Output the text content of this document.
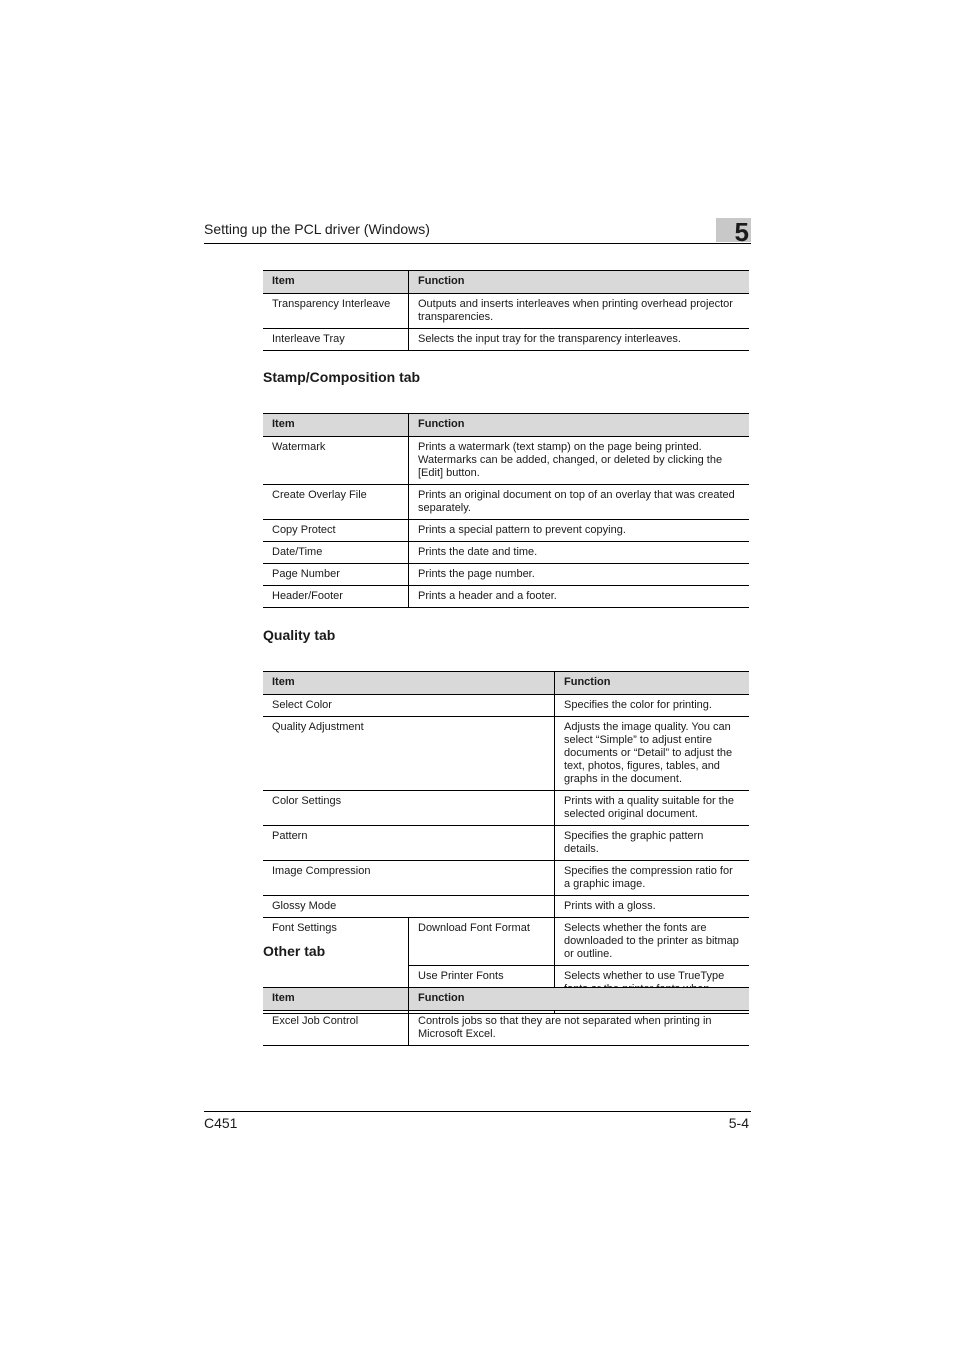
Setting up the PCL driver (Windows)	5
Item	Function
Transparency Interleave	Outputs and inserts interleaves when printing overhead projector transparencies.
Interleave Tray	Selects the input tray for the transparency interleaves.
Stamp/Composition tab
Item	Function
Watermark	Prints a watermark (text stamp) on the page being printed. Watermarks can be added, changed, or deleted by clicking the [Edit] button.
Create Overlay File	Prints an original document on top of an overlay that was created separately.
Copy Protect	Prints a special pattern to prevent copying.
Date/Time	Prints the date and time.
Page Number	Prints the page number.
Header/Footer	Prints a header and a footer.
Quality tab
Item		Function
Select Color		Specifies the color for printing.
Quality Adjustment		Adjusts the image quality. You can select “Simple” to adjust entire documents or “Detail” to adjust the text, photos, figures, tables, and graphs in the document.
Color Settings		Prints with a quality suitable for the selected original document.
Pattern		Specifies the graphic pattern details.
Image Compression		Specifies the compression ratio for a graphic image.
Glossy Mode		Prints with a gloss.
Font Settings	Download Font Format	Selects whether the fonts are downloaded to the printer as bitmap or outline.
	Use Printer Fonts	Selects whether to use TrueType
Other tab
Item	Function
Excel Job Control	Controls jobs so that they are not separated when printing in Microsoft Excel.
C451	5-4
